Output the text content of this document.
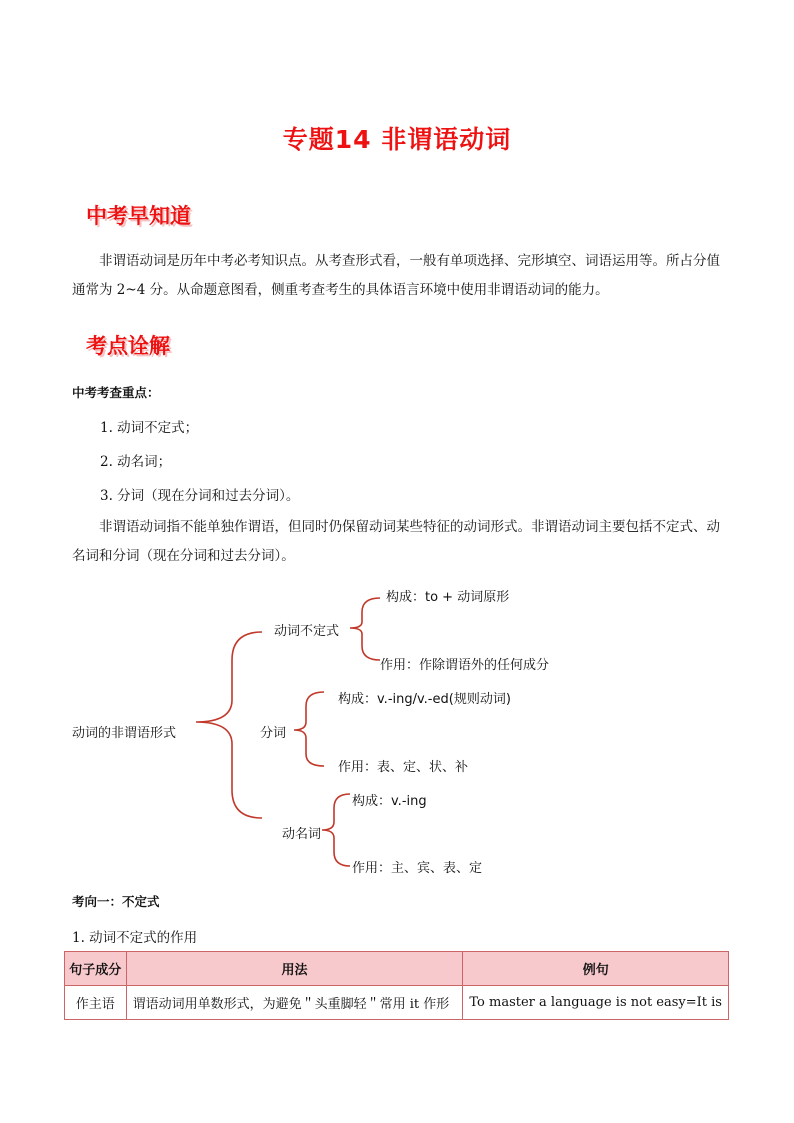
专题14 非谓语动词
中考早知道
非谓语动词是历年中考必考知识点。从考查形式看，一般有单项选择、完形填空、词语运用等。所占分值通常为 2~4 分。从命题意图看，侧重考查考生的具体语言环境中使用非谓语动词的能力。
考点诠解
中考考查重点：
1. 动词不定式；
2. 动名词；
3. 分词（现在分词和过去分词）。
非谓语动词指不能单独作谓语，但同时仍保留动词某些特征的动词形式。非谓语动词主要包括不定式、动名词和分词（现在分词和过去分词）。
动词的非谓语形式
动词不定式
构成：to + 动词原形
作用：作除谓语外的任何成分
分词
构成：v.-ing/v.-ed(规则动词)
作用：表、定、状、补
动名词
构成：v.-ing
作用：主、宾、表、定
考向一：不定式
1. 动词不定式的作用
句子成分	用法	例句
作主语	谓语动词用单数形式，为避免＂头重脚轻＂常用 it 作形	To master a language is not easy=It is
